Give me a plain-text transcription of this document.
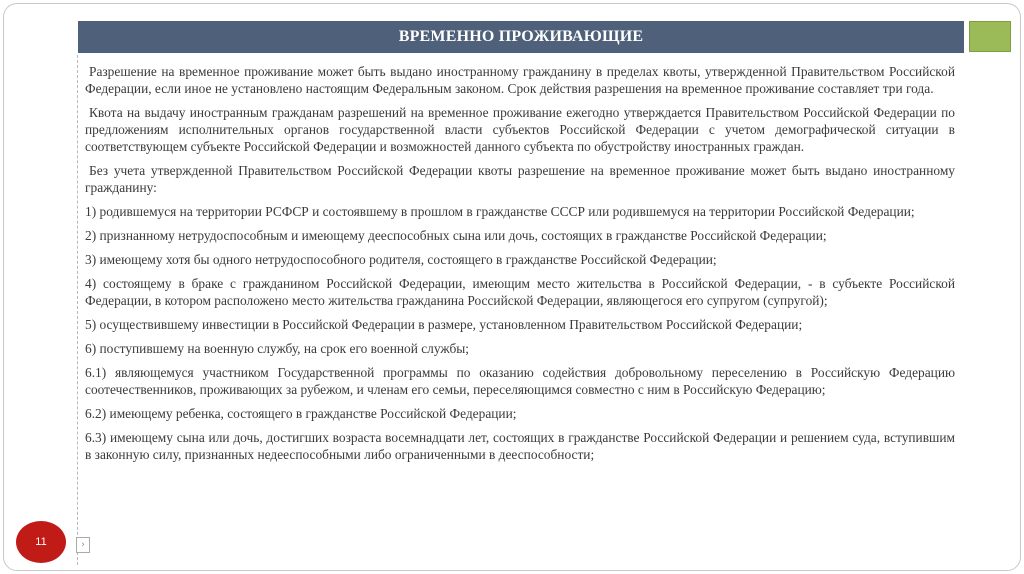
ВРЕМЕННО ПРОЖИВАЮЩИЕ

Разрешение на временное проживание может быть выдано иностранному гражданину в пределах квоты, утвержденной Правительством Российской Федерации, если иное не установлено настоящим Федеральным законом. Срок действия разрешения на временное проживание составляет три года.

Квота на выдачу иностранным гражданам разрешений на временное проживание ежегодно утверждается Правительством Российской Федерации по предложениям исполнительных органов государственной власти субъектов Российской Федерации с учетом демографической ситуации в соответствующем субъекте Российской Федерации и возможностей данного субъекта по обустройству иностранных граждан.

Без учета утвержденной Правительством Российской Федерации квоты разрешение на временное проживание может быть выдано иностранному гражданину:

1) родившемуся на территории РСФСР и состоявшему в прошлом в гражданстве СССР или родившемуся на территории Российской Федерации;

2) признанному нетрудоспособным и имеющему дееспособных сына или дочь, состоящих в гражданстве Российской Федерации;

3) имеющему хотя бы одного нетрудоспособного родителя, состоящего в гражданстве Российской Федерации;

4) состоящему в браке с гражданином Российской Федерации, имеющим место жительства в Российской Федерации, - в субъекте Российской Федерации, в котором расположено место жительства гражданина Российской Федерации, являющегося его супругом (супругой);

5) осуществившему инвестиции в Российской Федерации в размере, установленном Правительством Российской Федерации;

6) поступившему на военную службу, на срок его военной службы;

6.1) являющемуся участником Государственной программы по оказанию содействия добровольному переселению в Российскую Федерацию соотечественников, проживающих за рубежом, и членам его семьи, переселяющимся совместно с ним в Российскую Федерацию;

6.2) имеющему ребенка, состоящего в гражданстве Российской Федерации;

6.3) имеющему сына или дочь, достигших возраста восемнадцати лет, состоящих в гражданстве Российской Федерации и решением суда, вступившим в законную силу, признанных недееспособными либо ограниченными в дееспособности;

11	›
